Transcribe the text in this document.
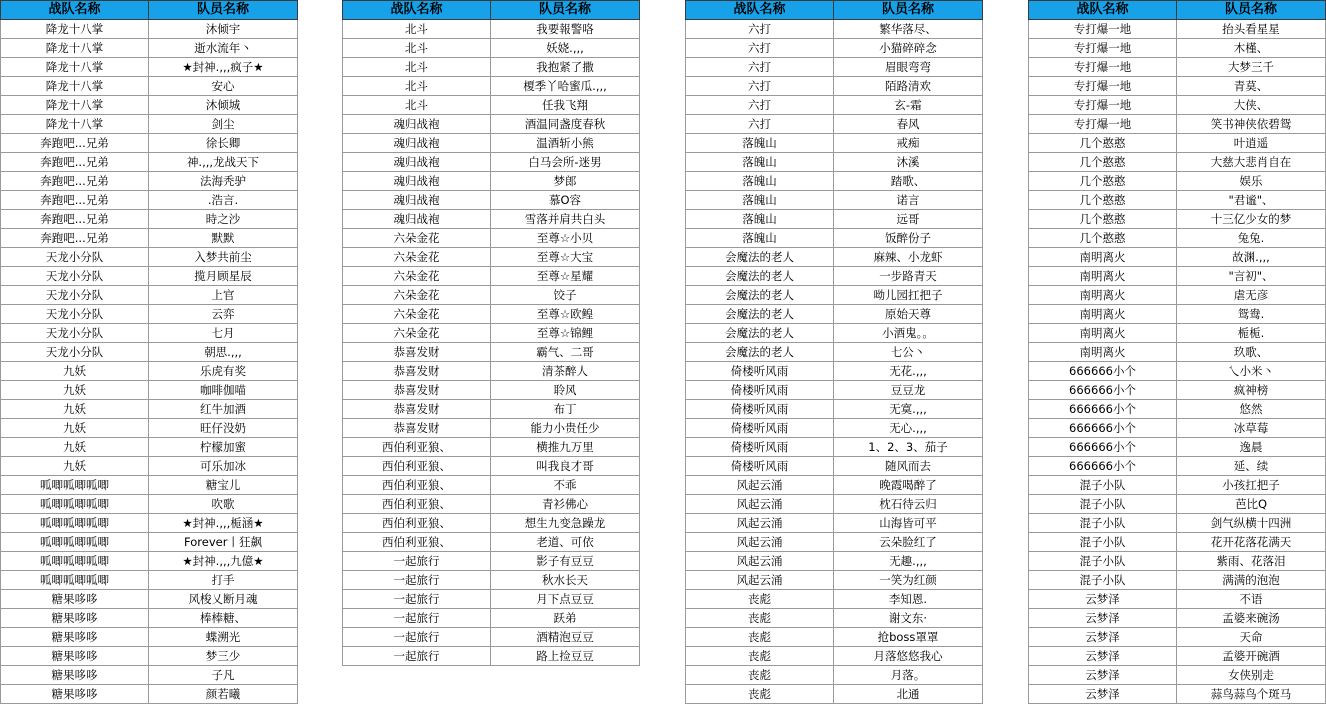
战队名称	队员名称
降龙十八掌	沐倾宇
降龙十八掌	逝水流年丶
降龙十八掌	★封神.,,,疯子★
降龙十八掌	安心
降龙十八掌	沐倾城
降龙十八掌	剑尘
奔跑吧...兄弟	徐长卿
奔跑吧...兄弟	神.,,,龙战天下
奔跑吧...兄弟	法海秃驴
奔跑吧...兄弟	.浩言.
奔跑吧...兄弟	時之沙
奔跑吧...兄弟	默默
天龙小分队	入梦共前尘
天龙小分队	揽月顾星辰
天龙小分队	上官
天龙小分队	云弈
天龙小分队	七月
天龙小分队	朝思.,,,
九妖	乐虎有奖
九妖	咖啡伽喵
九妖	红牛加酒
九妖	旺仔没奶
九妖	柠檬加蜜
九妖	可乐加冰
呱唧呱唧呱唧	糖宝儿
呱唧呱唧呱唧	吹歌
呱唧呱唧呱唧	★封神.,,,栀涵★
呱唧呱唧呱唧	Forever丨狂飙
呱唧呱唧呱唧	★封神.,,,九億★
呱唧呱唧呱唧	打手
糖果哆哆	风梭乂断月魂
糖果哆哆	棒棒糖、
糖果哆哆	蝶溯光
糖果哆哆	梦三少
糖果哆哆	子凡
糖果哆哆	颜若曦
战队名称	队员名称
北斗	我要報警咯
北斗	妖娆.,,,
北斗	我抱紧了撒
北斗	榎季丫哈蜜瓜.,,,
北斗	任我飞翔
魂归战袍	酒温同盏度春秋
魂归战袍	温酒斩小熊
魂归战袍	白马会所-迷男
魂归战袍	梦郎
魂归战袍	慕O容
魂归战袍	雪落并肩共白头
六朵金花	至尊☆小贝
六朵金花	至尊☆大宝
六朵金花	至尊☆星耀
六朵金花	饺子
六朵金花	至尊☆欧鳇
六朵金花	至尊☆锦鲤
恭喜发财	霸气、二哥
恭喜发财	清茶醉人
恭喜发财	聆风
恭喜发财	布丁
恭喜发财	能力小贵任少
西伯利亚狼、	横推九万里
西伯利亚狼、	叫我良才哥
西伯利亚狼、	不乖
西伯利亚狼、	青衫佛心
西伯利亚狼、	想生九变急躁龙
西伯利亚狼、	老道、可依
一起旅行	影子有豆豆
一起旅行	秋水长天
一起旅行	月下点豆豆
一起旅行	跃弟
一起旅行	酒精泡豆豆
一起旅行	路上捡豆豆
战队名称	队员名称
六打	繁华落尽、
六打	小猫碎碎念
六打	眉眼弯弯
六打	陌路清欢
六打	玄-霜
六打	春风
落魄山	戒痴
落魄山	沐溪
落魄山	踏歌、
落魄山	诺言
落魄山	远哥
落魄山	饭醉份子
会魔法的老人	麻辣、小龙虾
会魔法的老人	一步路青天
会魔法的老人	呦儿园扛把子
会魔法的老人	原始天尊
会魔法的老人	小酒鬼。。
会魔法的老人	七公丶
倚楼听风雨	无花.,,,
倚楼听风雨	豆豆龙
倚楼听风雨	无寞.,,,
倚楼听风雨	无心.,,,
倚楼听风雨	1、2、3、茄子
倚楼听风雨	随风而去
风起云涌	晚霞喝醉了
风起云涌	枕石待云归
风起云涌	山海皆可平
风起云涌	云朵脸红了
风起云涌	无趣.,,,
风起云涌	一笑为红颜
丧彪	李知恩.
丧彪	谢文东·
丧彪	抢boss罩罩
丧彪	月落悠悠我心
丧彪	月落。
丧彪	北通
战队名称	队员名称
专打爆一地	抬头看星星
专打爆一地	木槿、
专打爆一地	大梦三千
专打爆一地	青莫、
专打爆一地	大侠、
专打爆一地	笑书神侠依碧鸳
几个憨憨	叶逍遥
几个憨憨	大慈大悲肖自在
几个憨憨	娱乐
几个憨憨	"君谧"、
几个憨憨	十三亿少女的梦
几个憨憨	兔兔.
南明离火	故渊.,,,
南明离火	"言初"、
南明离火	虐无彦
南明离火	鸳鸯.
南明离火	栀栀.
南明离火	玖歌、
666666小个	乀小米丶
666666小个	疯神榜
666666小个	悠然
666666小个	冰草莓
666666小个	逸晨
666666小个	延、续
混子小队	小孩扛把子
混子小队	芭比Q
混子小队	剑气纵横十四洲
混子小队	花开花落花满天
混子小队	紫雨、花落泪
混子小队	满满的泡泡
云梦泽	不语
云梦泽	孟婆来碗汤
云梦泽	天命
云梦泽	孟婆开碗酒
云梦泽	女侠别走
云梦泽	蒜鸟蒜鸟个斑马
